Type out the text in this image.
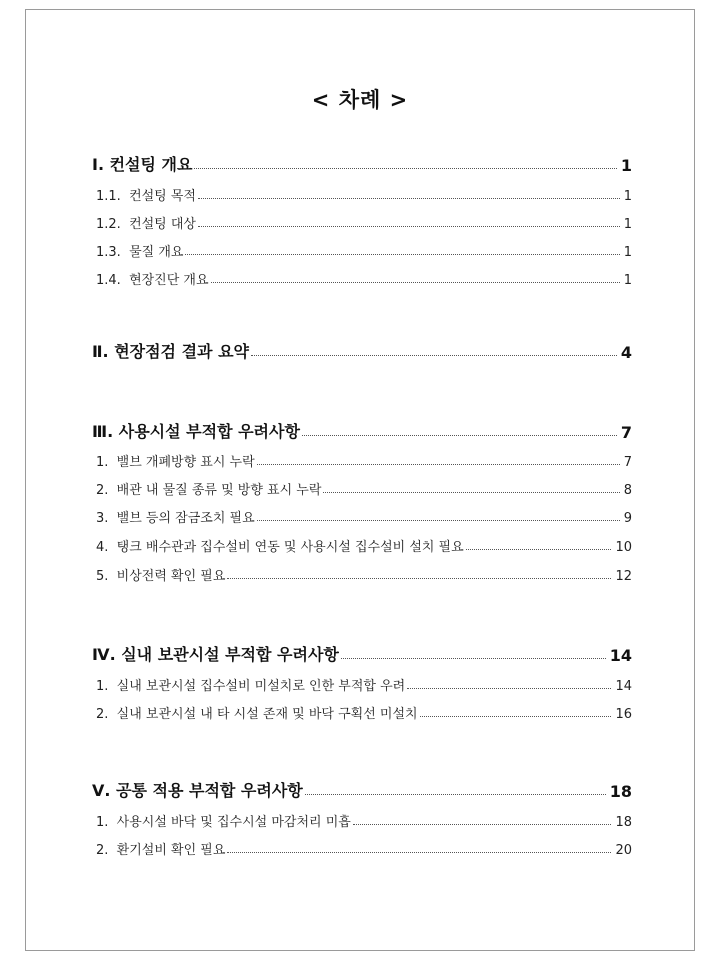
< 차례 >
Ⅰ. 컨설팅 개요	1
1.1.  컨설팅 목적	1
1.2.  컨설팅 대상	1
1.3.  물질 개요	1
1.4.  현장진단 개요	1
Ⅱ. 현장점검 결과 요약	4
Ⅲ. 사용시설 부적합 우려사항	7
1.  밸브 개폐방향 표시 누락	7
2.  배관 내 물질 종류 및 방향 표시 누락	8
3.  밸브 등의 잠금조치 필요	9
4.  탱크 배수관과 집수설비 연동 및 사용시설 집수설비 설치 필요	10
5.  비상전력 확인 필요	12
Ⅳ. 실내 보관시설 부적합 우려사항	14
1.  실내 보관시설 집수설비 미설치로 인한 부적합 우려	14
2.  실내 보관시설 내 타 시설 존재 및 바닥 구획선 미설치	16
Ⅴ. 공통 적용 부적합 우려사항	18
1.  사용시설 바닥 및 집수시설 마감처리 미흡	18
2.  환기설비 확인 필요	20
